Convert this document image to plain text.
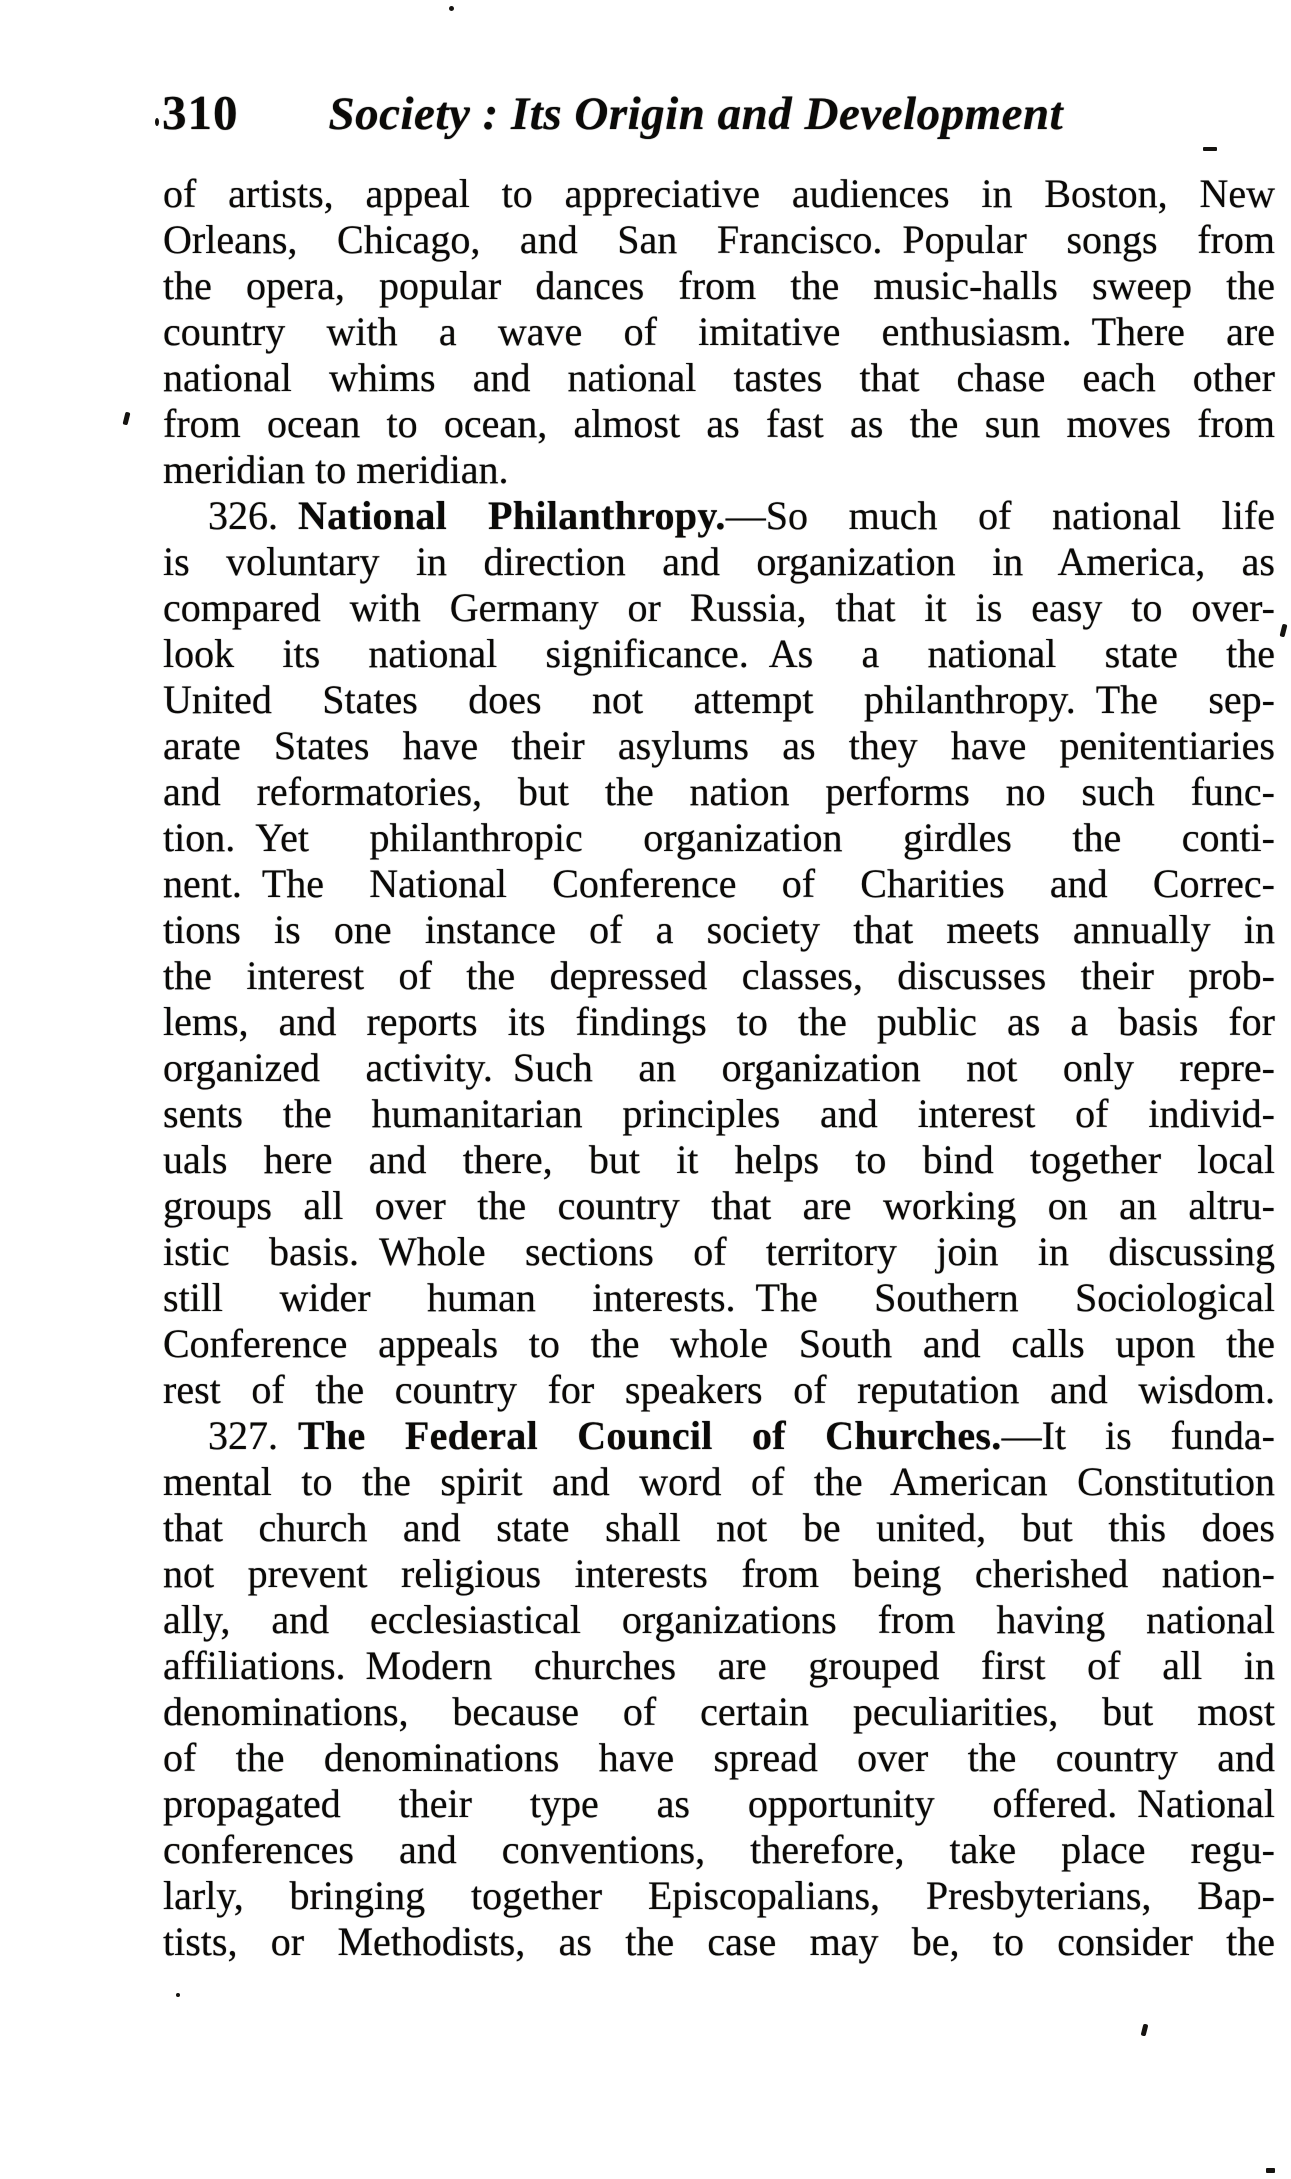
310 Society : Its Origin and Development
of artists, appeal to appreciative audiences in Boston, New
Orleans, Chicago, and San Francisco. Popular songs from
the opera, popular dances from the music-halls sweep the
country with a wave of imitative enthusiasm. There are
national whims and national tastes that chase each other
from ocean to ocean, almost as fast as the sun moves from
meridian to meridian.
326. National Philanthropy.—So much of national life
is voluntary in direction and organization in America, as
compared with Germany or Russia, that it is easy to over-
look its national significance. As a national state the
United States does not attempt philanthropy. The sep-
arate States have their asylums as they have penitentiaries
and reformatories, but the nation performs no such func-
tion. Yet philanthropic organization girdles the conti-
nent. The National Conference of Charities and Correc-
tions is one instance of a society that meets annually in
the interest of the depressed classes, discusses their prob-
lems, and reports its findings to the public as a basis for
organized activity. Such an organization not only repre-
sents the humanitarian principles and interest of individ-
uals here and there, but it helps to bind together local
groups all over the country that are working on an altru-
istic basis. Whole sections of territory join in discussing
still wider human interests. The Southern Sociological
Conference appeals to the whole South and calls upon the
rest of the country for speakers of reputation and wisdom.
327. The Federal Council of Churches.—It is funda-
mental to the spirit and word of the American Constitution
that church and state shall not be united, but this does
not prevent religious interests from being cherished nation-
ally, and ecclesiastical organizations from having national
affiliations. Modern churches are grouped first of all in
denominations, because of certain peculiarities, but most
of the denominations have spread over the country and
propagated their type as opportunity offered. National
conferences and conventions, therefore, take place regu-
larly, bringing together Episcopalians, Presbyterians, Bap-
tists, or Methodists, as the case may be, to consider the
